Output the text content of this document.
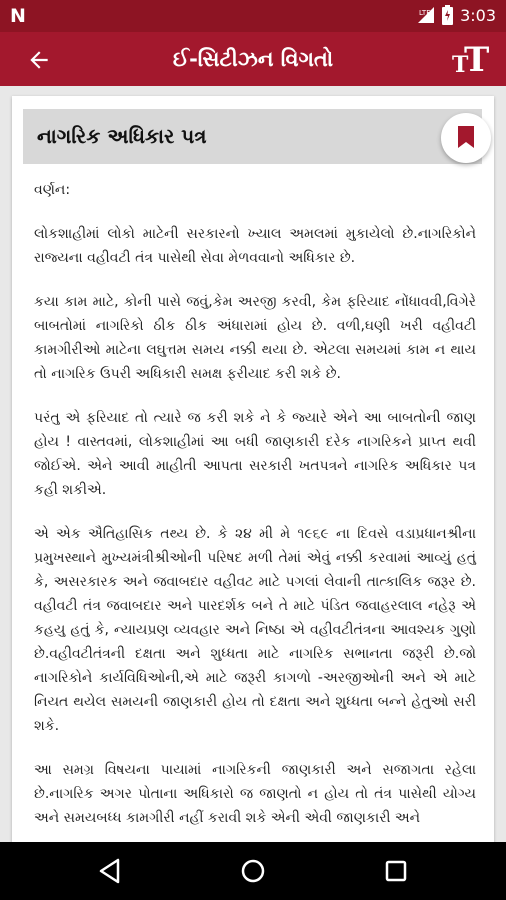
N	LTE 3:03
ઈ-સિટીઝન વિગતો	T
T
નાગરિક અધિકાર પત્ર

વર્ણન:

લોકશાહીમાં લોકો માટેની સરકારનો ખ્યાલ અમલમાં મુકાયેલો છે.નાગરિકોને રાજ્યના વહીવટી તંત્ર પાસેથી સેવા મેળવવાનો અધિકાર છે.

કયા કામ માટે, કોની પાસે જવું,કેમ અરજી કરવી, કેમ ફરિયાદ નોંધાવવી,વિગેરે બાબતોમાં નાગરિકો ઠીક ઠીક અંધારામાં હોય છે. વળી,ઘણી ખરી વહીવટી કામગીરીઓ માટેના લઘુત્તમ સમય નક્કી થયા છે. એટલા સમયમાં કામ ન થાય તો નાગરિક ઉપરી અધિકારી સમક્ષ ફરીયાદ કરી શકે છે.

પરંતુ એ ફરિયાદ તો ત્યારે જ કરી શકે ને કે જ્યારે એને આ બાબતોની જાણ હોય ! વાસ્તવમાં, લોકશાહીમાં આ બધી જાણકારી દરેક નાગરિકને પ્રાપ્ત થવી જોઈએ. એને આવી માહીતી આપતા સરકારી ખતપત્રને નાગરિક અધિકાર પત્ર કહી શકીએ.

એ એક ઐતિહાસિક તથ્ય છે. કે ૨૪ મી મે ૧૯૬૯ ના દિવસે વડાપ્રધાનશ્રીના પ્રમુખસ્થાને મુખ્યમંત્રીશ્રીઓની પરિષદ મળી તેમાં એવું નક્કી કરવામાં આવ્યું હતું કે, અસરકારક અને જવાબદાર વહીવટ માટે પગલાં લેવાની તાત્કાલિક જરૂર છે. વહીવટી તંત્ર જવાબદાર અને પારદર્શક બને તે માટે પંડિત જવાહરલાલ નહેરૂ એ કહયુ હતું કે, ન્યાયપ્રણ વ્યવહાર અને નિષ્ઠા એ વહીવટીતંત્રના આવશ્યક ગુણો છે.વહીવટીતંત્રની દક્ષતા અને શુધ્ધતા માટે નાગરિક સભાનતા જરૂરી છે.જો નાગરિકોને કાર્યવિધિઓની,એ માટે જરૂરી કાગળો -અરજીઓની અને એ માટે નિયત થયેલ સમયની જાણકારી હોય તો દક્ષતા અને શુધ્ધતા બન્ને હેતુઓ સરી શકે.

આ સમગ્ર વિષયના પાયામાં નાગરિકની જાણકારી અને સજાગતા રહેલા છે.નાગરિક અગર પોતાના અધિકારો જ જાણતો ન હોય તો તંત્ર પાસેથી યોગ્ય અને સમયબધ્ધ કામગીરી નહીં કરાવી શકે એની એવી જાણકારી અને
